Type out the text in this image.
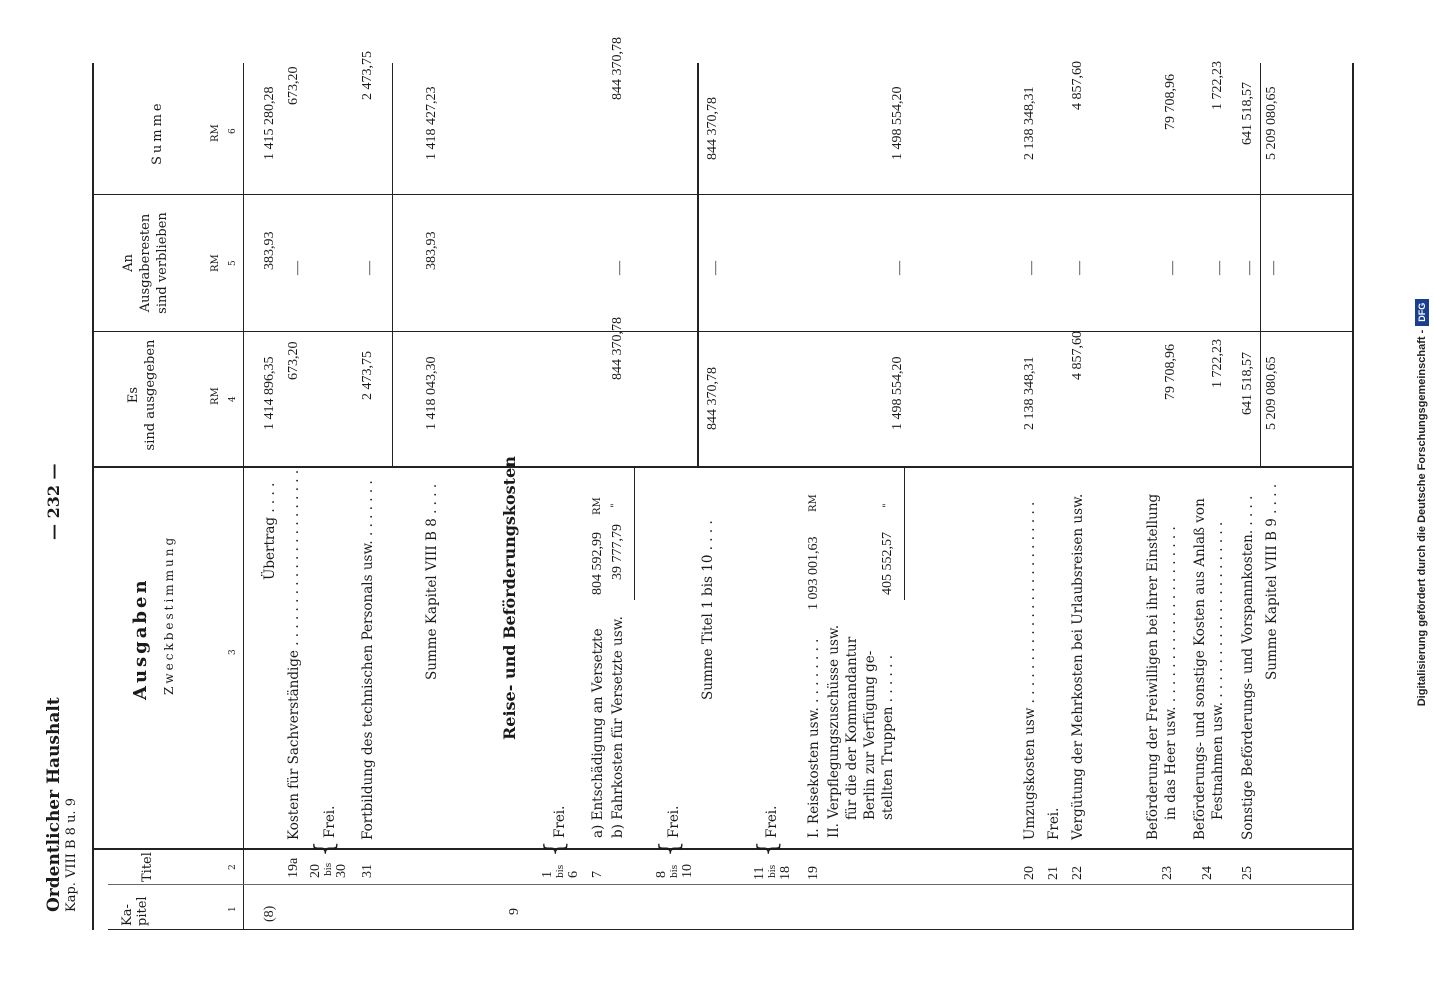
Ordentlicher Haushalt Kap. VIII B 8 u. 9
— 232 —
Ka-
pitel
Titel
Ausgaben Zweckbestimmung
Es
sind ausgegeben
An
Ausgaberesten
sind verblieben
Summe
RM
RM
RM
1
2
3
4
5
6
(8)	9
Übertrag . . . .
1 414 896,35
383,93
1 415 280,28
19a
Kosten für Sachverständige . . . . . . . . . . . . . . . . . . . . .
673,20
—
673,20
20 bis 30
{
Frei.
31
Fortbildung des technischen Personals usw. . . . . . . .
2 473,75
—
2 473,75
Summe Kapitel VIII B 8 . . . .
1 418 043,30
383,93
1 418 427,23
Reise- und Beförderungskosten
1 bis 6
{
Frei.
7
a) Entschädigung an Versetzte
804 592,99
RM
b) Fahrkosten für Versetzte usw.
39 777,79
"
844 370,78
—
844 370,78
8 bis 10
{
Frei.
Summe Titel 1 bis 10 . . . .
844 370,78
—
844 370,78
11 bis 18
{
Frei.
19
I. Reisekosten usw. . . . . . . . .
1 093 001,63
RM
II. Verpflegungszuschüsse usw. für die der Kommandantur Berlin zur Verfügung ge- stellten Truppen . . . . . .
405 552,57
"
1 498 554,20
—
1 498 554,20
20
Umzugskosten usw . . . . . . . . . . . . . . . . . . . . . . . .
2 138 348,31
—
2 138 348,31
21
Frei.
22
Vergütung der Mehrkosten bei Urlaubsreisen usw.
4 857,60
—
4 857,60
23
Beförderung der Freiwilligen bei ihrer Einstellung in das Heer usw. . . . . . . . . . . . . . . . . . . . . .
79 708,96
—
79 708,96
24
Beförderungs- und sonstige Kosten aus Anlaß von Festnahmen usw. . . . . . . . . . . . . . . . . . . . . .
1 722,23
—
1 722,23
25
Sonstige Beförderungs- und Vorspannkosten. . . . .
641 518,57
—
641 518,57
Summe Kapitel VIII B 9 . . . .
5 209 080,65
—
5 209 080,65
Digitalisierung gefördert durch die Deutsche Forschungsgemeinschaft -
DFG
